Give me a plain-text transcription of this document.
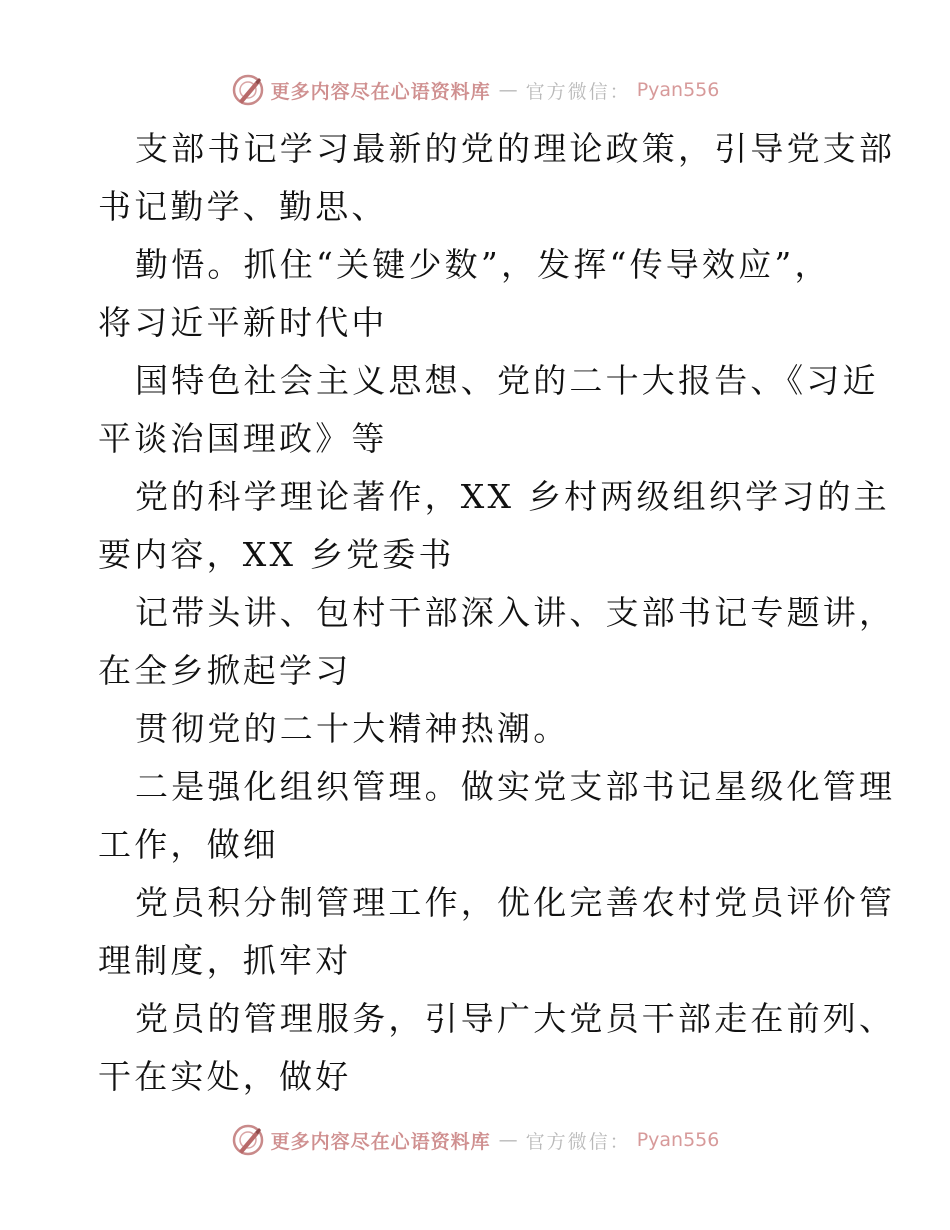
更多内容尽在心语资料库 — 官方微信： Pyan556
支部书记学习最新的党的理论政策，引导党支部
书记勤学、勤思、
勤悟。抓住“关键少数”，发挥“传导效应”，
将习近平新时代中
国特色社会主义思想、党的二十大报告、《习近
平谈治国理政》等
党的科学理论著作，XX 乡村两级组织学习的主
要内容，XX 乡党委书
记带头讲、包村干部深入讲、支部书记专题讲，
在全乡掀起学习
贯彻党的二十大精神热潮。
二是强化组织管理。做实党支部书记星级化管理
工作，做细
党员积分制管理工作，优化完善农村党员评价管
理制度，抓牢对
党员的管理服务，引导广大党员干部走在前列、
干在实处，做好
更多内容尽在心语资料库 — 官方微信： Pyan556
